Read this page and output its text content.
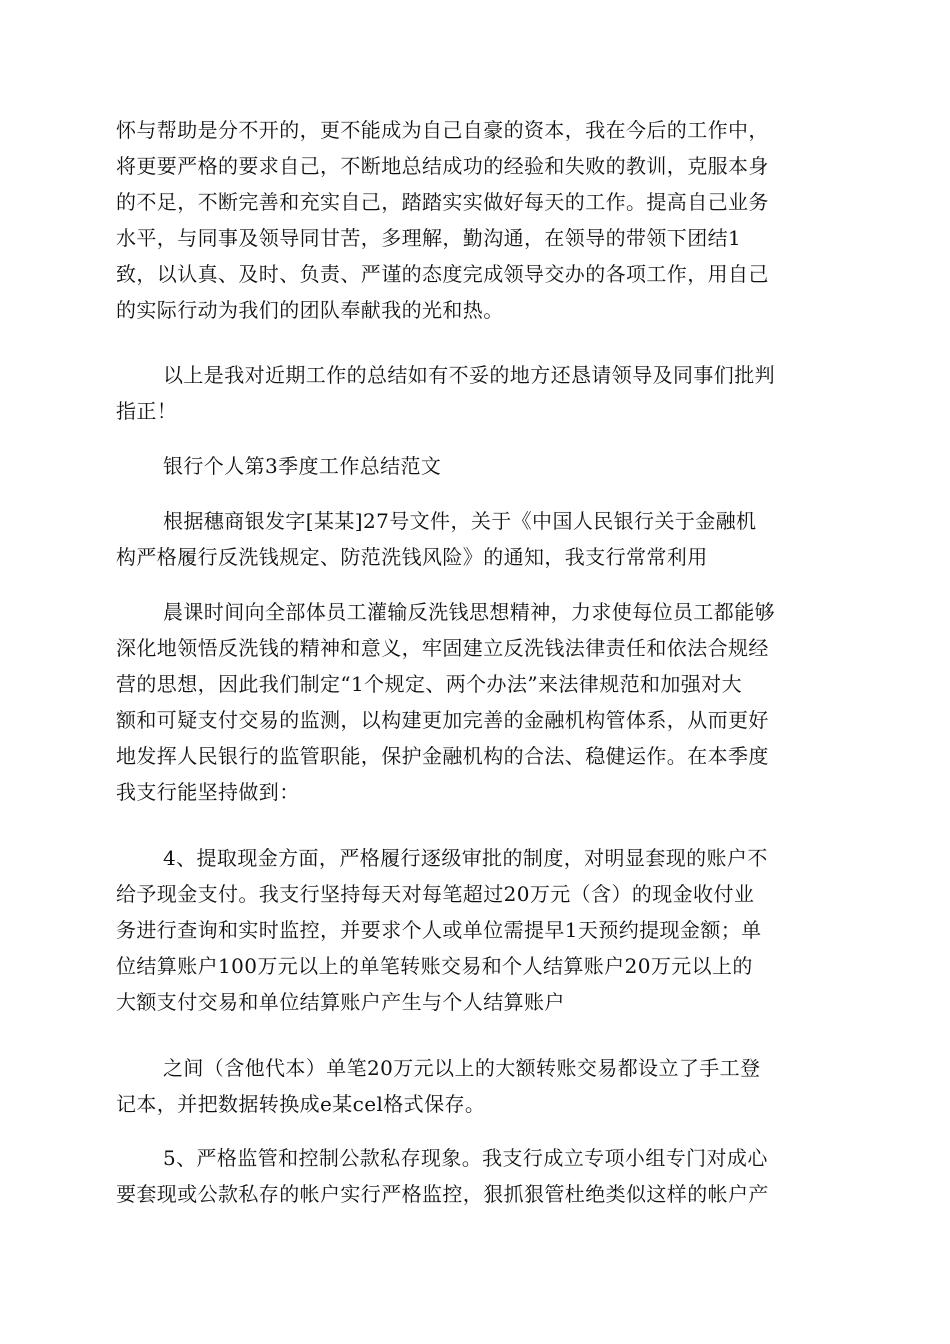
怀与帮助是分不开的，更不能成为自己自豪的资本，我在今后的工作中，
将更要严格的要求自己，不断地总结成功的经验和失败的教训，克服本身
的不足，不断完善和充实自己，踏踏实实做好每天的工作。提高自己业务
水平，与同事及领导同甘苦，多理解，勤沟通，在领导的带领下团结1
致，以认真、及时、负责、严谨的态度完成领导交办的各项工作，用自己
的实际行动为我们的团队奉献我的光和热。

以上是我对近期工作的总结如有不妥的地方还恳请领导及同事们批判
指正！

银行个人第3季度工作总结范文

根据穗商银发字[某某]27号文件，关于《中国人民银行关于金融机
构严格履行反洗钱规定、防范洗钱风险》的通知，我支行常常利用

晨课时间向全部体员工灌输反洗钱思想精神，力求使每位员工都能够
深化地领悟反洗钱的精神和意义，牢固建立反洗钱法律责任和依法合规经
营的思想，因此我们制定“1个规定、两个办法”来法律规范和加强对大
额和可疑支付交易的监测，以构建更加完善的金融机构管体系，从而更好
地发挥人民银行的监管职能，保护金融机构的合法、稳健运作。在本季度
我支行能坚持做到：

4、提取现金方面，严格履行逐级审批的制度，对明显套现的账户不
给予现金支付。我支行坚持每天对每笔超过20万元（含）的现金收付业
务进行查询和实时监控，并要求个人或单位需提早1天预约提现金额；单
位结算账户100万元以上的单笔转账交易和个人结算账户20万元以上的
大额支付交易和单位结算账户产生与个人结算账户

之间（含他代本）单笔20万元以上的大额转账交易都设立了手工登
记本，并把数据转换成e某cel格式保存。

5、严格监管和控制公款私存现象。我支行成立专项小组专门对成心
要套现或公款私存的帐户实行严格监控，狠抓狠管杜绝类似这样的帐户产
